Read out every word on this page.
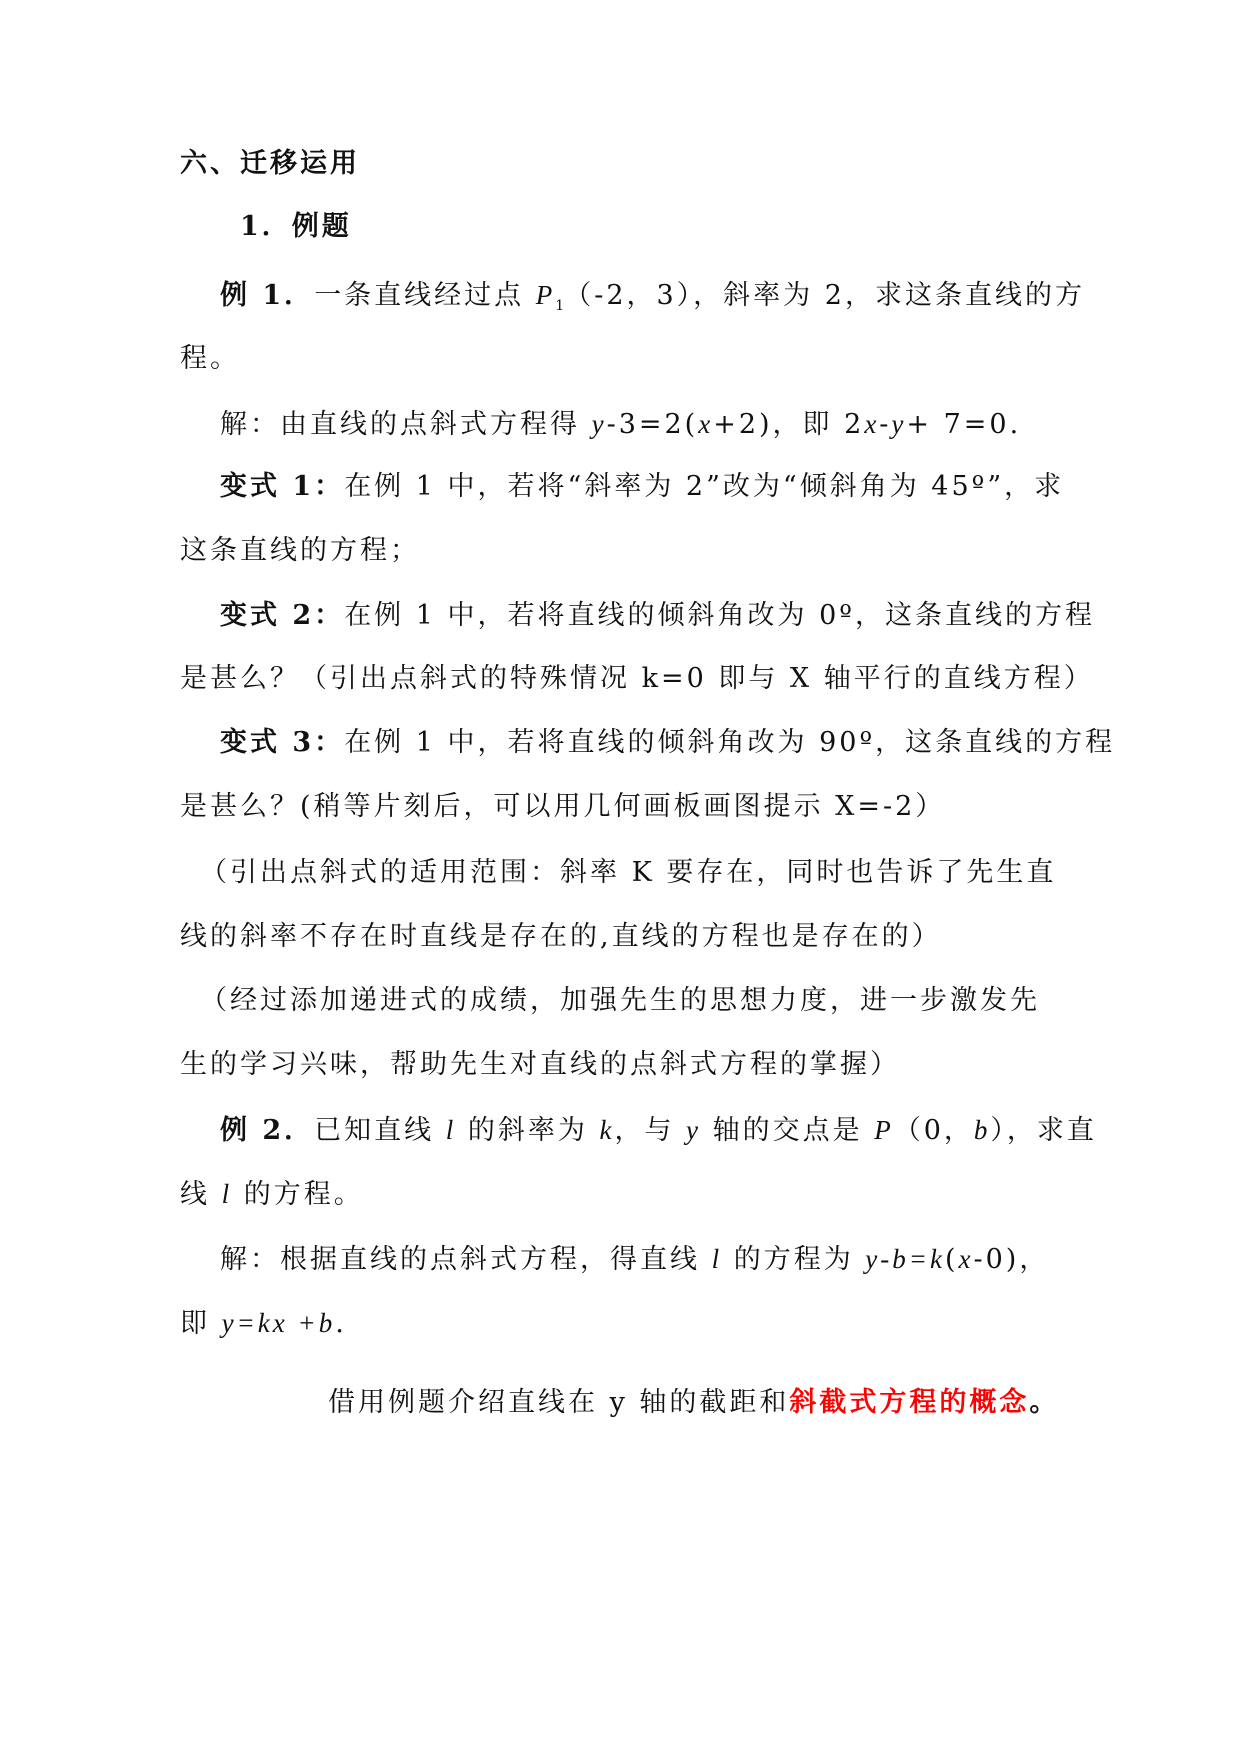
六、迁移运用
1．例题
例 1．一条直线经过点 $P_1(-2$，3），斜率为 2，求这条直线的方
程。
解：由直线的点斜式方程得 y-3=2(x+2)，即 2x-y+ 7=0.
变式 1：在例 1 中，若将“斜率为 2”改为“倾斜角为 45º”，求
这条直线的方程；
变式 2：在例 1 中，若将直线的倾斜角改为 0º，这条直线的方程
是甚么？（引出点斜式的特殊情况 k=0 即与 X 轴平行的直线方程）
变式 3：在例 1 中，若将直线的倾斜角改为 90º，这条直线的方程
是甚么？(稍等片刻后，可以用几何画板画图提示 X=-2）
（引出点斜式的适用范围：斜率 K 要存在，同时也告诉了先生直
线的斜率不存在时直线是存在的,直线的方程也是存在的）
（经过添加递进式的成绩，加强先生的思想力度，进一步激发先
生的学习兴味，帮助先生对直线的点斜式方程的掌握）
例 2．已知直线 l 的斜率为 k，与 y 轴的交点是 P（0，b），求直
线 l 的方程。
解：根据直线的点斜式方程，得直线 l 的方程为 y-b=k(x-0)，
即 y=kx +b.
借用例题介绍直线在 y 轴的截距和斜截式方程的概念。
